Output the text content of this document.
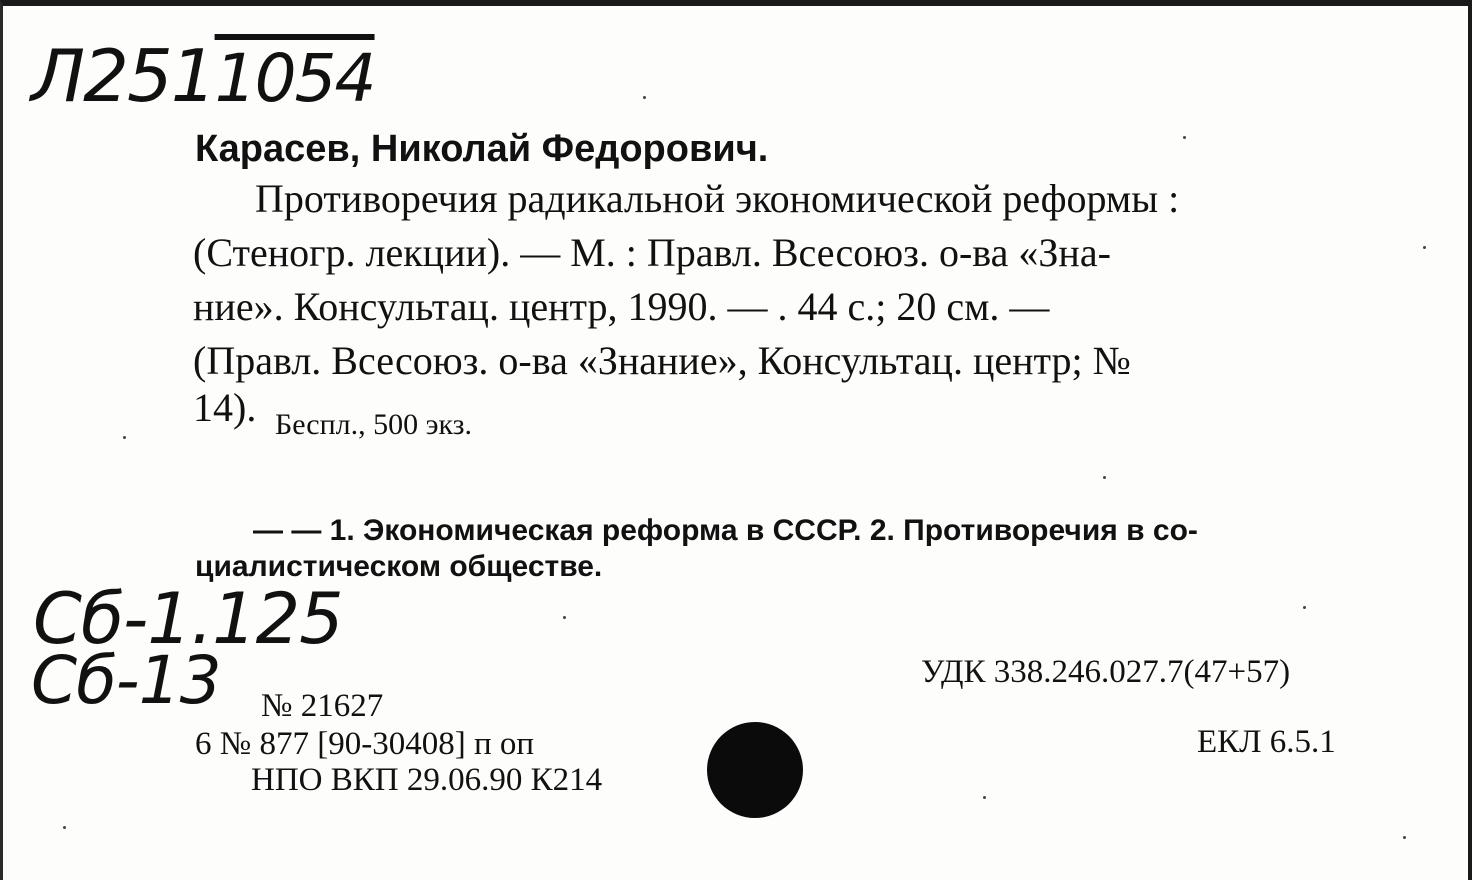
Л2511054
Карасев, Николай Федорович.
Противоречия радикальной экономической реформы :
(Стеногр. лекции). — М. : Правл. Всесоюз. о-ва «Зна-
ние». Консультац. центр, 1990. — . 44 с.; 20 см. —
(Правл. Всесоюз. о-ва «Знание», Консультац. центр; №
14). Беспл., 500 экз.
— — 1. Экономическая реформа в СССР. 2. Противоречия в со-
циалистическом обществе.
Сб-1.125
Сб-13 № 21627
6 № 877 [90-30408] п оп
НПО ВКП 29.06.90 К214
УДК 338.246.027.7(47+57)
ЕКЛ 6.5.1
